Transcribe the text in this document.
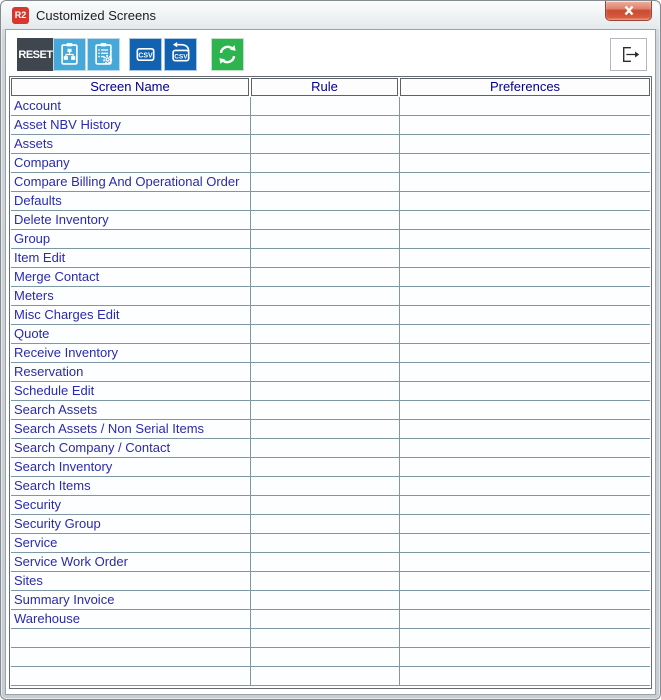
R2 Customized Screens
RESET	CSV	CSV
Screen Name	Rule	Preferences
Account
Asset NBV History
Assets
Company
Compare Billing And Operational Order
Defaults
Delete Inventory
Group
Item Edit
Merge Contact
Meters
Misc Charges Edit
Quote
Receive Inventory
Reservation
Schedule Edit
Search Assets
Search Assets / Non Serial Items
Search Company / Contact
Search Inventory
Search Items
Security
Security Group
Service
Service Work Order
Sites
Summary Invoice
Warehouse
